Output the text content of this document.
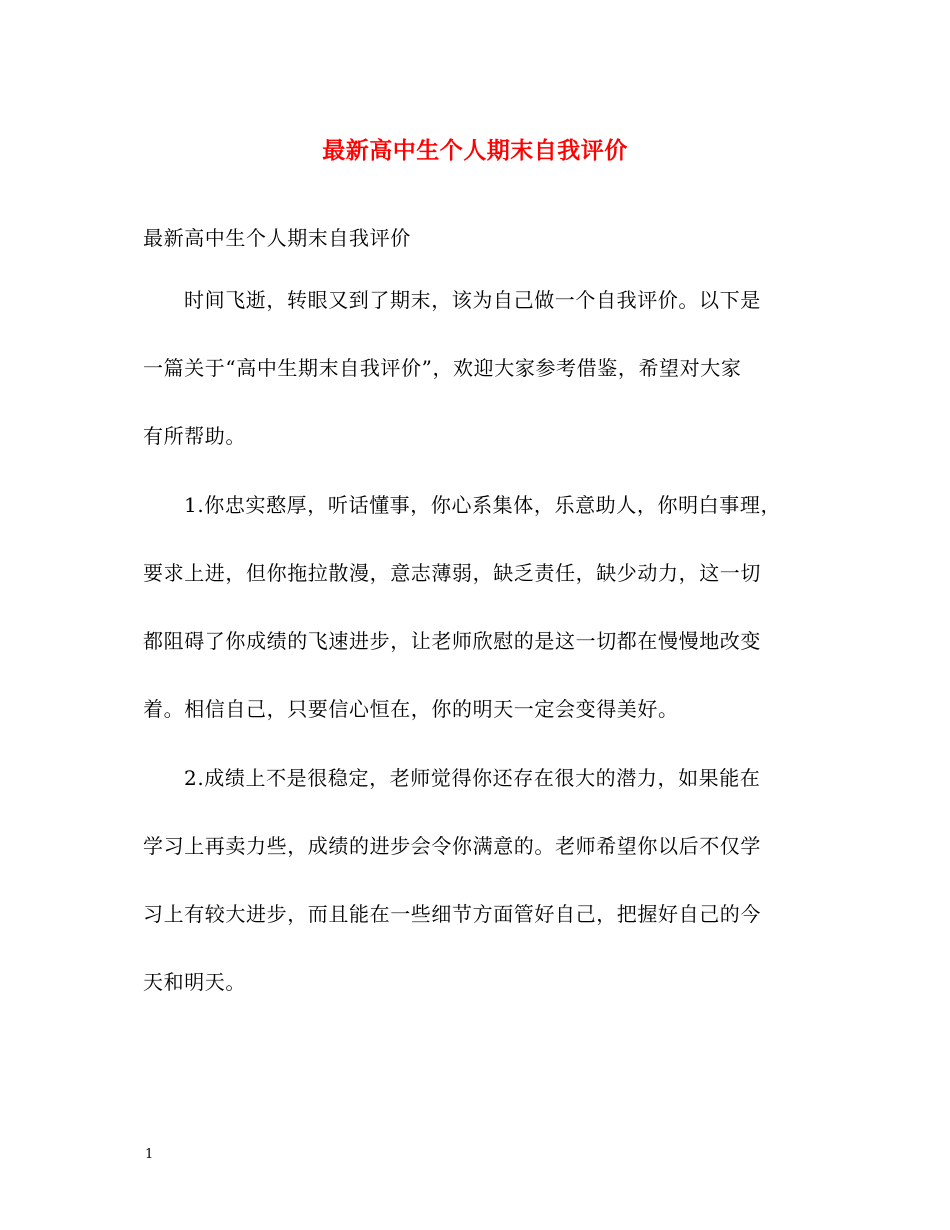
最新高中生个人期末自我评价
最新高中生个人期末自我评价
时间飞逝，转眼又到了期末，该为自己做一个自我评价。以下是
一篇关于“高中生期末自我评价”，欢迎大家参考借鉴，希望对大家
有所帮助。
1.你忠实憨厚，听话懂事，你心系集体，乐意助人，你明白事理，
要求上进，但你拖拉散漫，意志薄弱，缺乏责任，缺少动力，这一切
都阻碍了你成绩的飞速进步，让老师欣慰的是这一切都在慢慢地改变
着。相信自己，只要信心恒在，你的明天一定会变得美好。
2.成绩上不是很稳定，老师觉得你还存在很大的潜力，如果能在
学习上再卖力些，成绩的进步会令你满意的。老师希望你以后不仅学
习上有较大进步，而且能在一些细节方面管好自己，把握好自己的今
天和明天。
1
